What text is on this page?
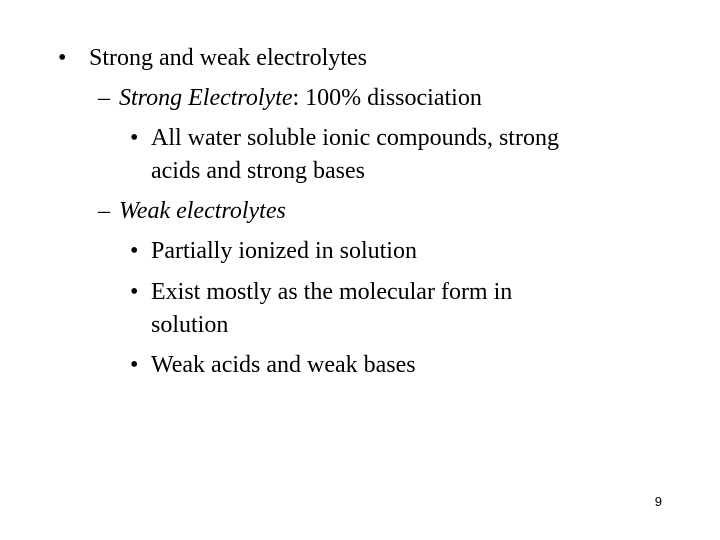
• Strong and weak electrolytes
– Strong Electrolyte: 100% dissociation
• All water soluble ionic compounds, strong
acids and strong bases
– Weak electrolytes
• Partially ionized in solution
• Exist mostly as the molecular form in
solution
• Weak acids and weak bases
9
